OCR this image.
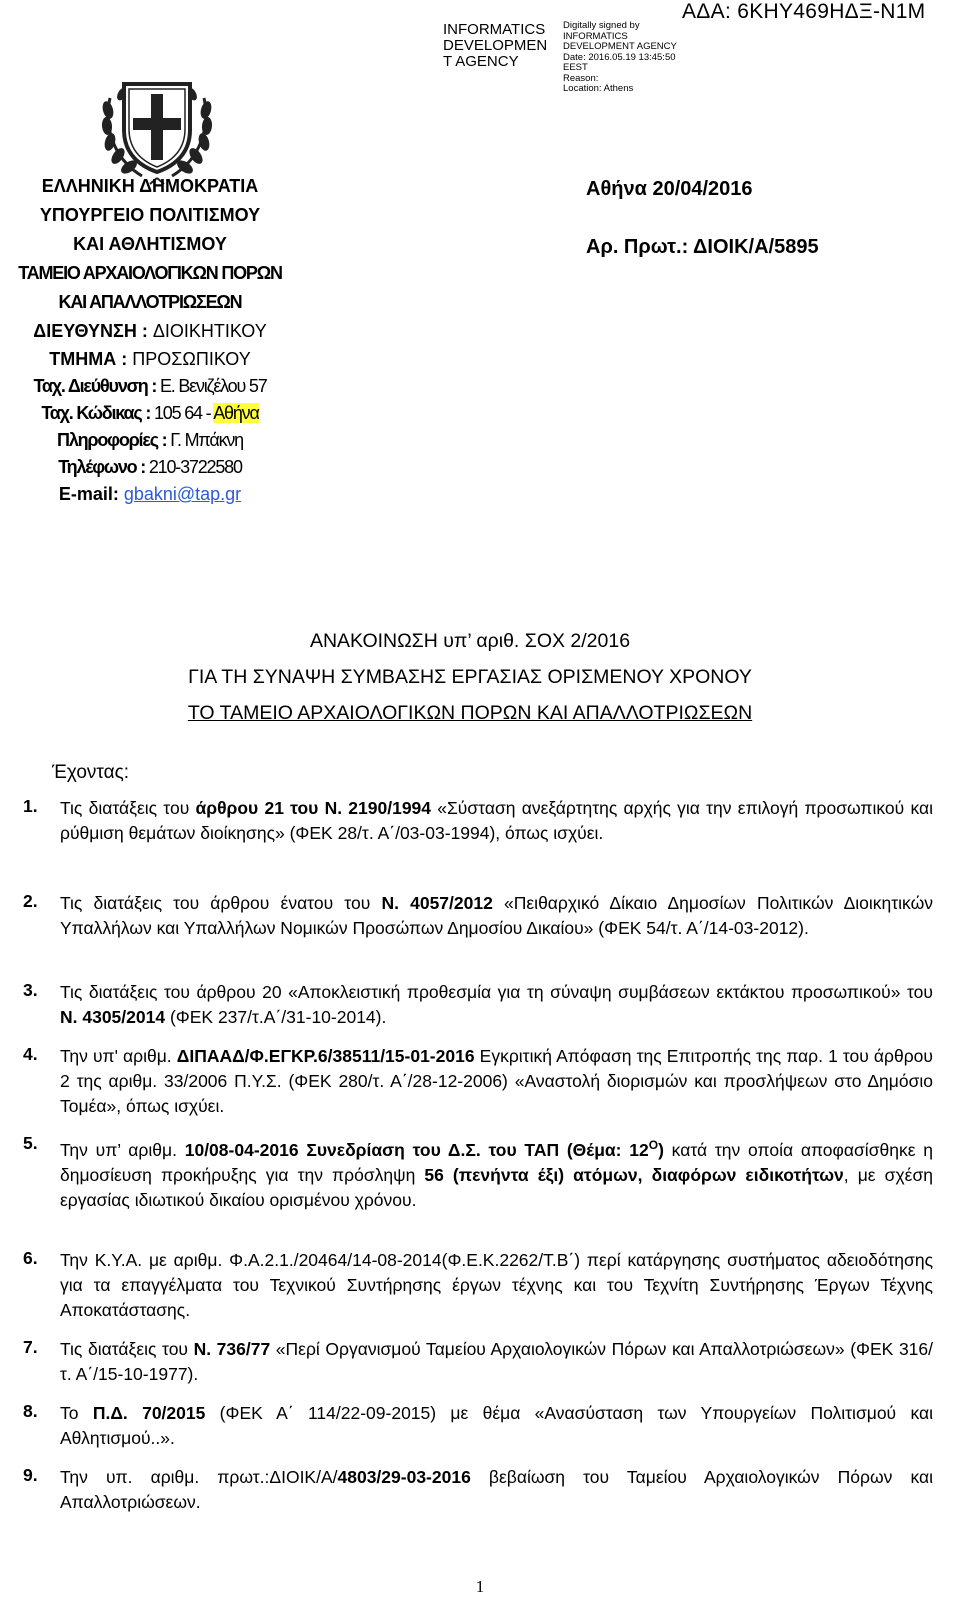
INFORMATICS
DEVELOPMEN
T AGENCY
Digitally signed by
INFORMATICS
DEVELOPMENT AGENCY
Date: 2016.05.19 13:45:50
EEST
Reason:
Location: Athens
ΑΔΑ: 6ΚΗΥ469ΗΔΞ-Ν1Μ
ΕΛΛΗΝΙΚΗ ΔΗΜΟΚΡΑΤΙΑ
ΥΠΟΥΡΓΕΙΟ ΠΟΛΙΤΙΣΜΟΥ
ΚΑΙ ΑΘΛΗΤΙΣΜΟΥ
ΤΑΜΕΙΟ ΑΡΧΑΙΟΛΟΓΙΚΩΝ ΠΟΡΩΝ
ΚΑΙ ΑΠΑΛΛΟΤΡΙΩΣΕΩΝ
ΔΙΕΥΘΥΝΣΗ : ΔΙΟΙΚΗΤΙΚΟΥ
ΤΜΗΜΑ : ΠΡΟΣΩΠΙΚΟΥ
Ταχ. Διεύθυνση : Ε. Βενιζέλου 57
Ταχ. Κώδικας : 105 64 - Αθήνα
Πληροφορίες : Γ. Μπάκνη
Τηλέφωνο : 210-3722580
E-mail: gbakni@tap.gr
Αθήνα 20/04/2016
Αρ. Πρωτ.: ΔΙΟΙΚ/Α/5895
ΑΝΑΚΟΙΝΩΣΗ υπ’ αριθ. ΣΟΧ 2/2016
ΓΙΑ ΤΗ ΣΥΝΑΨΗ ΣΥΜΒΑΣΗΣ ΕΡΓΑΣΙΑΣ ΟΡΙΣΜΕΝΟΥ ΧΡΟΝΟΥ
ΤΟ ΤΑΜΕΙΟ ΑΡΧΑΙΟΛΟΓΙΚΩΝ ΠΟΡΩΝ ΚΑΙ ΑΠΑΛΛΟΤΡΙΩΣΕΩΝ
Έχοντας:
1. Τις διατάξεις του άρθρου 21 του Ν. 2190/1994 «Σύσταση ανεξάρτητης αρχής για την επιλογή προσωπικού και ρύθμιση θεμάτων διοίκησης» (ΦΕΚ 28/τ. Α΄/03-03-1994), όπως ισχύει.
2. Τις διατάξεις του άρθρου ένατου του Ν. 4057/2012 «Πειθαρχικό Δίκαιο Δημοσίων Πολιτικών Διοικητικών Υπαλλήλων και Υπαλλήλων Νομικών Προσώπων Δημοσίου Δικαίου» (ΦΕΚ 54/τ. Α΄/14-03-2012).
3. Τις διατάξεις του άρθρου 20 «Αποκλειστική προθεσμία για τη σύναψη συμβάσεων εκτάκτου προσωπικού» του Ν. 4305/2014 (ΦΕΚ 237/τ.Α΄/31-10-2014).
4. Την υπ' αριθμ. ΔΙΠΑΑΔ/Φ.ΕΓΚΡ.6/38511/15-01-2016 Εγκριτική Απόφαση της Επιτροπής της παρ. 1 του άρθρου 2 της αριθμ. 33/2006 Π.Υ.Σ. (ΦΕΚ 280/τ. Α΄/28-12-2006) «Αναστολή διορισμών και προσλήψεων στο Δημόσιο Τομέα», όπως ισχύει.
5. Την υπ’ αριθμ. 10/08-04-2016 Συνεδρίαση του Δ.Σ. του ΤΑΠ (Θέμα: $12^O$) κατά την οποία αποφασίσθηκε η δημοσίευση προκήρυξης για την πρόσληψη 56 (πενήντα έξι) ατόμων, διαφόρων ειδικοτήτων, με σχέση εργασίας ιδιωτικού δικαίου ορισμένου χρόνου.
6. Την Κ.Υ.Α. με αριθμ. Φ.Α.2.1./20464/14-08-2014(Φ.Ε.Κ.2262/Τ.Β΄) περί κατάργησης συστήματος αδειοδότησης για τα επαγγέλματα του Τεχνικού Συντήρησης έργων τέχνης και του Τεχνίτη Συντήρησης Έργων Τέχνης Αποκατάστασης.
7. Τις διατάξεις του Ν. 736/77 «Περί Οργανισμού Ταμείου Αρχαιολογικών Πόρων και Απαλλοτριώσεων» (ΦΕΚ 316/τ. Α΄/15-10-1977).
8. Το Π.Δ. 70/2015 (ΦΕΚ Α΄ 114/22-09-2015) με θέμα «Ανασύσταση των Υπουργείων Πολιτισμού και Αθλητισμού..».
9. Την υπ. αριθμ. πρωτ.:ΔΙΟΙΚ/Α/4803/29-03-2016 βεβαίωση του Ταμείου Αρχαιολογικών Πόρων και Απαλλοτριώσεων.
1
